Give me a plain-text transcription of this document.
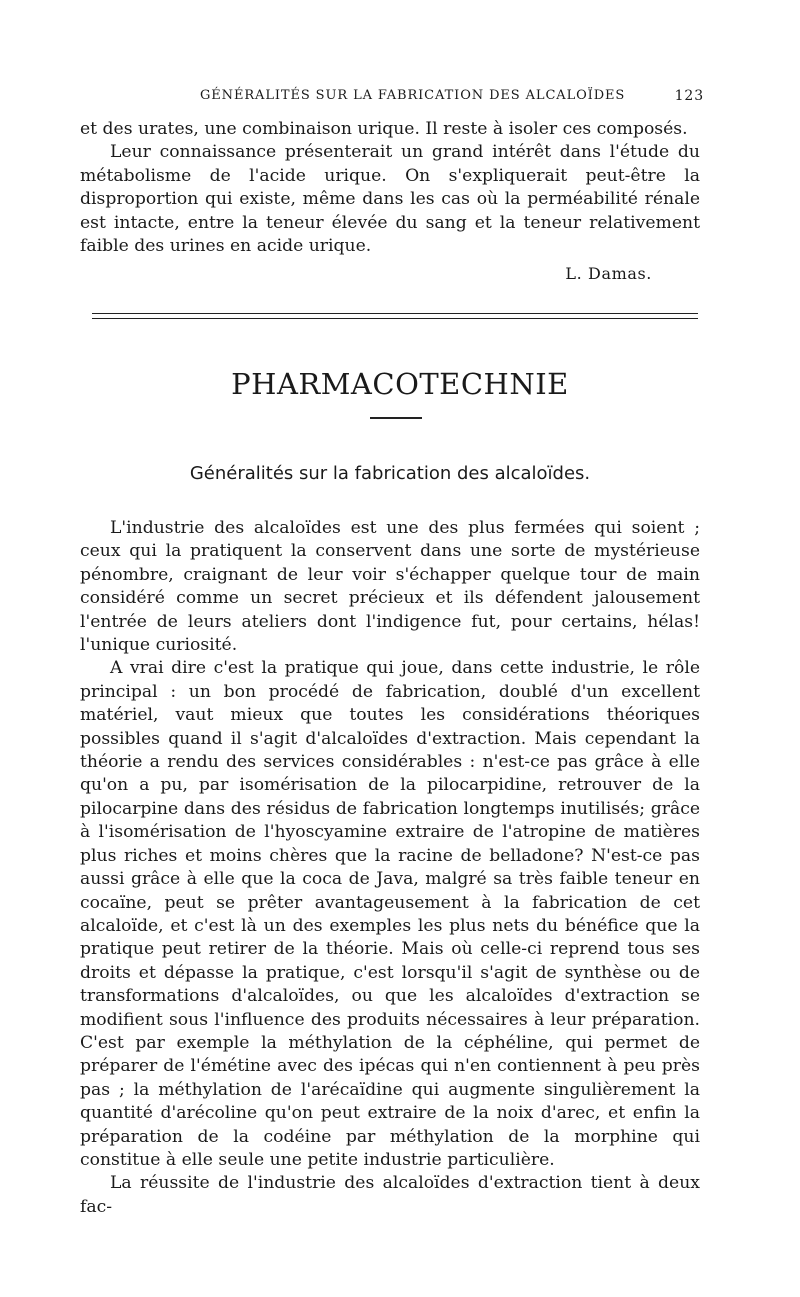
GÉNÉRALITÉS SUR LA FABRICATION DES ALCALOÏDES	123

et des urates, une combinaison urique. Il reste à isoler ces composés.

Leur connaissance présenterait un grand intérêt dans l'étude du métabolisme de l'acide urique. On s'expliquerait peut-être la disproportion qui existe, même dans les cas où la perméabilité rénale est intacte, entre la teneur élevée du sang et la teneur relativement faible des urines en acide urique.

L. Damas.
PHARMACOTECHNIE
Généralités sur la fabrication des alcaloïdes.

L'industrie des alcaloïdes est une des plus fermées qui soient ; ceux qui la pratiquent la conservent dans une sorte de mystérieuse pénombre, craignant de leur voir s'échapper quelque tour de main considéré comme un secret précieux et ils défendent jalousement l'entrée de leurs ateliers dont l'indigence fut, pour certains, hélas! l'unique curiosité.

A vrai dire c'est la pratique qui joue, dans cette industrie, le rôle principal : un bon procédé de fabrication, doublé d'un excellent matériel, vaut mieux que toutes les considérations théoriques possibles quand il s'agit d'alcaloïdes d'extraction. Mais cependant la théorie a rendu des services considérables : n'est-ce pas grâce à elle qu'on a pu, par isomérisation de la pilocarpidine, retrouver de la pilocarpine dans des résidus de fabrication longtemps inutilisés; grâce à l'isomérisation de l'hyoscyamine extraire de l'atropine de matières plus riches et moins chères que la racine de belladone? N'est-ce pas aussi grâce à elle que la coca de Java, malgré sa très faible teneur en cocaïne, peut se prêter avantageusement à la fabrication de cet alcaloïde, et c'est là un des exemples les plus nets du bénéfice que la pratique peut retirer de la théorie. Mais où celle-ci reprend tous ses droits et dépasse la pratique, c'est lorsqu'il s'agit de synthèse ou de transformations d'alcaloïdes, ou que les alcaloïdes d'extraction se modifient sous l'influence des produits nécessaires à leur préparation. C'est par exemple la méthylation de la céphéline, qui permet de préparer de l'émétine avec des ipécas qui n'en contiennent à peu près pas ; la méthylation de l'arécaïdine qui augmente singulièrement la quantité d'arécoline qu'on peut extraire de la noix d'arec, et enfin la préparation de la codéine par méthylation de la morphine qui constitue à elle seule une petite industrie particulière.

La réussite de l'industrie des alcaloïdes d'extraction tient à deux fac-
